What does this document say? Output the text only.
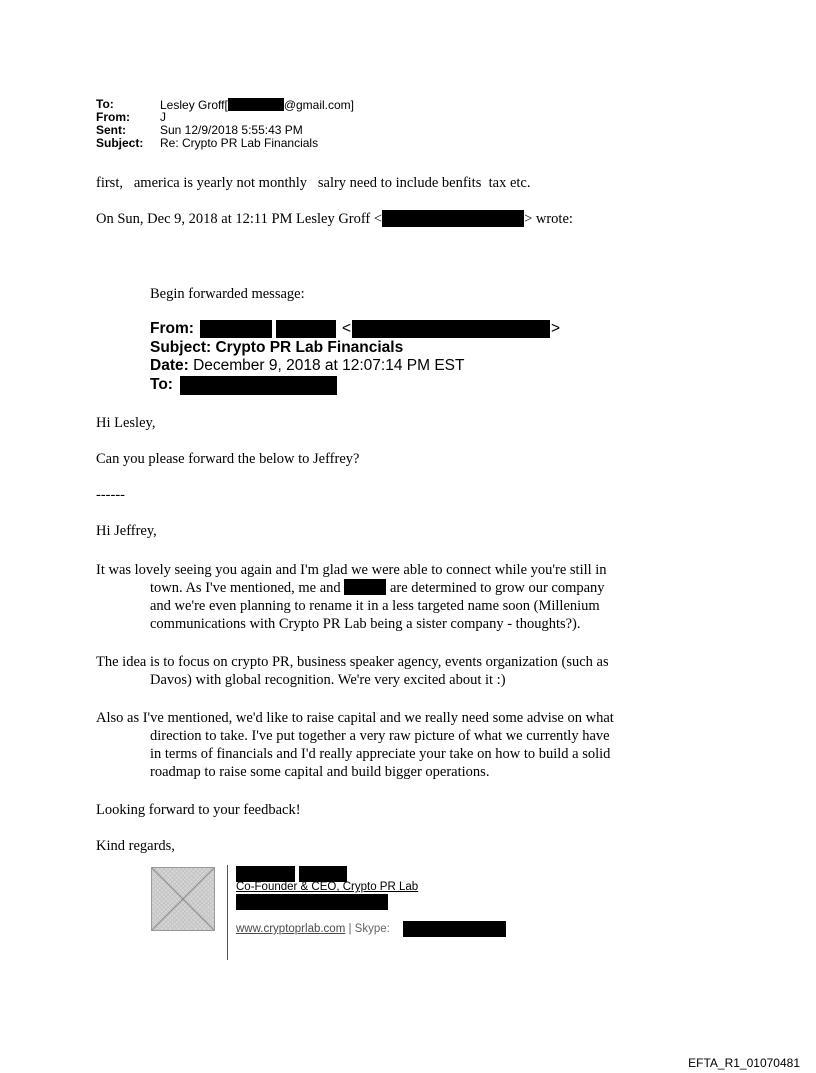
To:	Lesley Groff[	@gmail.com]
From:	J
Sent:	Sun 12/9/2018 5:55:43 PM
Subject: Re: Crypto PR Lab Financials
first,   america is yearly not monthly   salry need to include benfits  tax etc.
On Sun, Dec 9, 2018 at 12:11 PM Lesley Groff <	> wrote:
Begin forwarded message:
From:	<	>
Subject: Crypto PR Lab Financials
Date: December 9, 2018 at 12:07:14 PM EST
To:
Hi Lesley,
Can you please forward the below to Jeffrey?
------
Hi Jeffrey,
It was lovely seeing you again and I'm glad we were able to connect while you're still in
town. As I've mentioned, me and	are determined to grow our company
and we're even planning to rename it in a less targeted name soon (Millenium
communications with Crypto PR Lab being a sister company - thoughts?).
The idea is to focus on crypto PR, business speaker agency, events organization (such as
Davos) with global recognition. We're very excited about it :)
Also as I've mentioned, we'd like to raise capital and we really need some advise on what
direction to take. I've put together a very raw picture of what we currently have
in terms of financials and I'd really appreciate your take on how to build a solid
roadmap to raise some capital and build bigger operations.
Looking forward to your feedback!
Kind regards,
Co-Founder & CEO, Crypto PR Lab
www.cryptoprlab.com | Skype:
EFTA_R1_01070481
